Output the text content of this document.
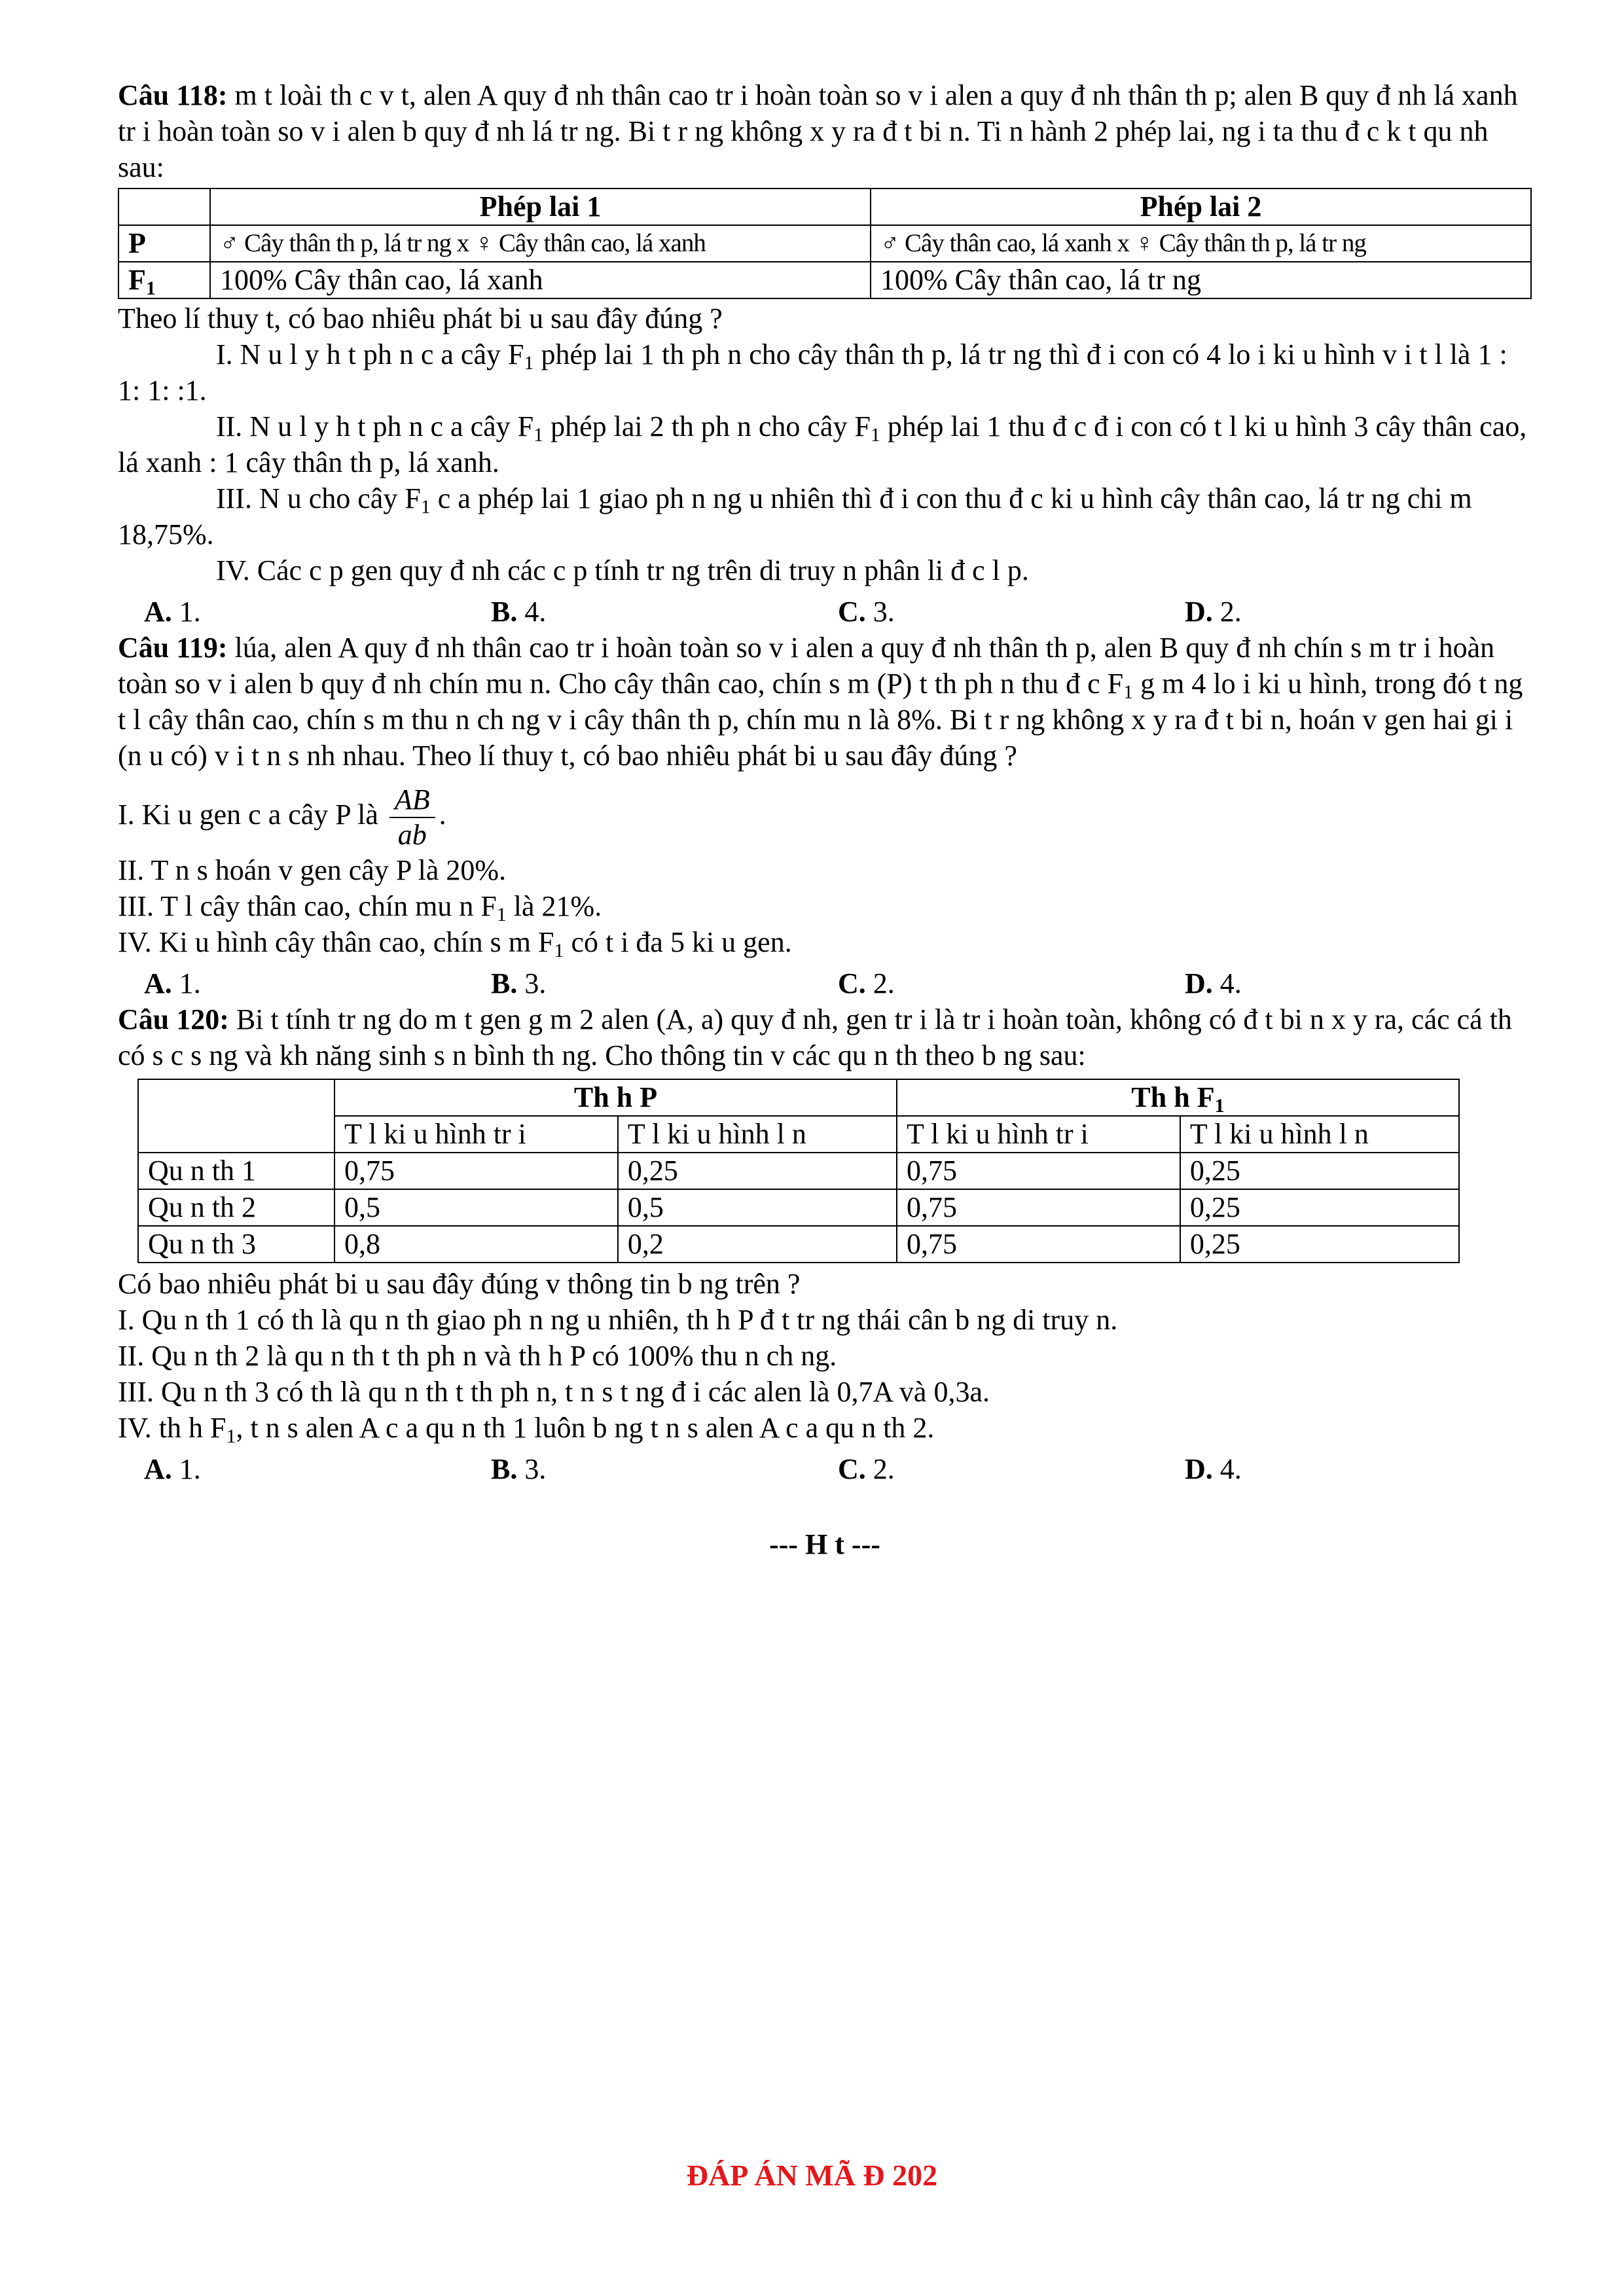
Câu 118: m t loài th c v t, alen A quy đ nh thân cao tr i hoàn toàn so v i alen a quy đ nh thân th p; alen B quy đ nh lá xanh tr i hoàn toàn so v i alen b quy đ nh lá tr ng. Bi t r ng không x y ra đ t bi n. Ti n hành 2 phép lai, ng i ta thu đ c k t qu nh sau:

	Phép lai 1	Phép lai 2
P	♂ Cây thân th p, lá tr ng x ♀ Cây thân cao, lá xanh	♂ Cây thân cao, lá xanh x ♀ Cây thân th p, lá tr ng
$F_1$	100% Cây thân cao, lá xanh	100% Cây thân cao, lá tr ng

Theo lí thuy t, có bao nhiêu phát bi u sau đây đúng ?

I. N u l y h t ph n c a cây $F_1$ phép lai 1 th ph n cho cây thân th p, lá tr ng thì đ i con có 4 lo i ki u hình v i t l là 1 : 1: 1: :1.

II. N u l y h t ph n c a cây $F_1$ phép lai 2 th ph n cho cây $F_1$ phép lai 1 thu đ c đ i con có t l ki u hình 3 cây thân cao, lá xanh : 1 cây thân th p, lá xanh.

III. N u cho cây $F_1$ c a phép lai 1 giao ph n ng u nhiên thì đ i con thu đ c ki u hình cây thân cao, lá tr ng chi m 18,75%.

IV. Các c p gen quy đ nh các c p tính tr ng trên di truy n phân li đ c l p.

A. 1.	B. 4.	C. 3.	D. 2.

Câu 119: lúa, alen A quy đ nh thân cao tr i hoàn toàn so v i alen a quy đ nh thân th p, alen B quy đ nh chín s m tr i hoàn toàn so v i alen b quy đ nh chín mu n. Cho cây thân cao, chín s m (P) t th ph n thu đ c $F_1$ g m 4 lo i ki u hình, trong đó t ng t l cây thân cao, chín s m thu n ch ng v i cây thân th p, chín mu n là 8%. Bi t r ng không x y ra đ t bi n, hoán v gen hai gi i (n u có) v i t n s nh nhau. Theo lí thuy t, có bao nhiêu phát bi u sau đây đúng ?

I. Ki u gen c a cây P là $\frac{AB}{ab}$ .

II. T n s hoán v gen cây P là 20%.

III. T l cây thân cao, chín mu n $F_1$ là 21%.

IV. Ki u hình cây thân cao, chín s m $F_1$ có t i đa 5 ki u gen.

A. 1.	B. 3.	C. 2.	D. 4.

Câu 120: Bi t tính tr ng do m t gen g m 2 alen (A, a) quy đ nh, gen tr i là tr i hoàn toàn, không có đ t bi n x y ra, các cá th có s c s ng và kh năng sinh s n bình th ng. Cho thông tin v các qu n th theo b ng sau:

	Th h P		Th h $F_1$
	T l ki u hình tr i	T l ki u hình l n	T l ki u hình tr i	T l ki u hình l n
Qu n th 1	0,75	0,25	0,75	0,25
Qu n th 2	0,5	0,5	0,75	0,25
Qu n th 3	0,8	0,2	0,75	0,25

Có bao nhiêu phát bi u sau đây đúng v thông tin b ng trên ?

I. Qu n th 1 có th là qu n th giao ph n ng u nhiên, th h P đ t tr ng thái cân b ng di truy n.

II. Qu n th 2 là qu n th t th ph n và th h P có 100% thu n ch ng.

III. Qu n th 3 có th là qu n th t th ph n, t n s t ng đ i các alen là 0,7A và 0,3a.

IV. th h $F_1$, t n s alen A c a qu n th 1 luôn b ng t n s alen A c a qu n th 2.

A. 1.	B. 3.	C. 2.	D. 4.

--- H t ---

ĐÁP ÁN MÃ Đ 202
